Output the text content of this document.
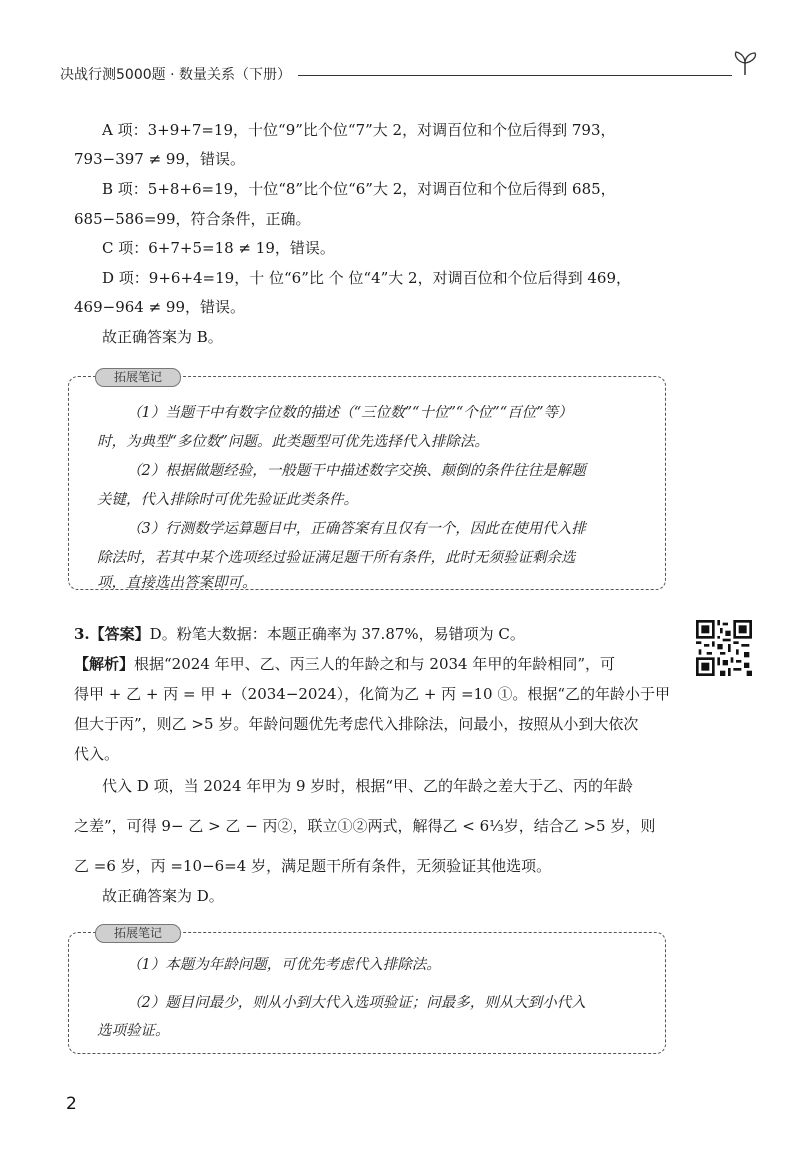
决战行测5000题 · 数量关系（下册）
A 项：3+9+7=19，十位“9”比个位“7”大 2，对调百位和个位后得到 793，
793−397 ≠ 99，错误。
B 项：5+8+6=19，十位“8”比个位“6”大 2，对调百位和个位后得到 685，
685−586=99，符合条件，正确。
C 项：6+7+5=18 ≠ 19，错误。
D 项：9+6+4=19，十 位“6”比 个 位“4”大 2，对调百位和个位后得到 469，
469−964 ≠ 99，错误。
故正确答案为 B。
拓展笔记
（1）当题干中有数字位数的描述（“三位数”“十位”“个位”“百位”等）
时，为典型“多位数”问题。此类题型可优先选择代入排除法。
（2）根据做题经验，一般题干中描述数字交换、颠倒的条件往往是解题
关键，代入排除时可优先验证此类条件。
（3）行测数学运算题目中，正确答案有且仅有一个，因此在使用代入排
除法时，若其中某个选项经过验证满足题干所有条件，此时无须验证剩余选
项，直接选出答案即可。
3.【答案】D。粉笔大数据：本题正确率为 37.87%，易错项为 C。
【解析】根据“2024 年甲、乙、丙三人的年龄之和与 2034 年甲的年龄相同”，可
得甲 + 乙 + 丙 = 甲 +（2034−2024），化简为乙 + 丙 =10 ①。根据“乙的年龄小于甲
但大于丙”，则乙 >5 岁。年龄问题优先考虑代入排除法，问最小，按照从小到大依次
代入。
代入 D 项，当 2024 年甲为 9 岁时，根据“甲、乙的年龄之差大于乙、丙的年龄
之差”，可得 9− 乙 > 乙 − 丙②，联立①②两式，解得乙 < 6⅓岁，结合乙 >5 岁，则
乙 =6 岁，丙 =10−6=4 岁，满足题干所有条件，无须验证其他选项。
故正确答案为 D。
拓展笔记
（1）本题为年龄问题，可优先考虑代入排除法。
（2）题目问最少，则从小到大代入选项验证；问最多，则从大到小代入
选项验证。
2
